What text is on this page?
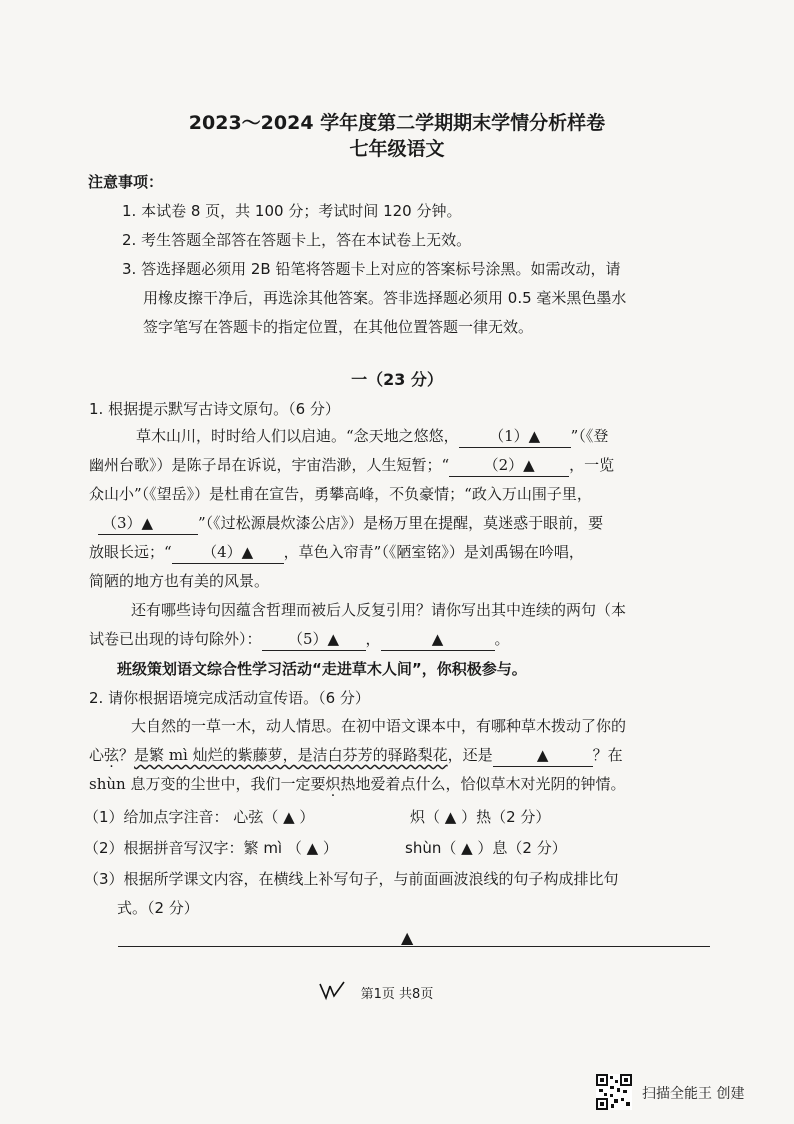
2023～2024 学年度第二学期期末学情分析样卷
七年级语文
注意事项：
1. 本试卷 8 页，共 100 分；考试时间 120 分钟。
2. 考生答题全部答在答题卡上，答在本试卷上无效。
3. 答选择题必须用 2B 铅笔将答题卡上对应的答案标号涂黑。如需改动，请
用橡皮擦干净后，再选涂其他答案。答非选择题必须用 0.5 毫米黑色墨水
签字笔写在答题卡的指定位置，在其他位置答题一律无效。
一（23 分）
1. 根据提示默写古诗文原句。（6 分）
草木山川，时时给人们以启迪。“念天地之悠悠， （1）▲ ”（《登
幽州台歌》）是陈子昂在诉说，宇宙浩渺，人生短暂；“ （2）▲ ，一览
众山小”（《望岳》）是杜甫在宣告，勇攀高峰，不负豪情；“政入万山围子里，
（3）▲	”（《过松源晨炊漆公店》）是杨万里在提醒，莫迷惑于眼前，要
放眼长远；“ （4）▲ ，草色入帘青”（《陋室铭》）是刘禹锡在吟唱，
简陋的地方也有美的风景。
还有哪些诗句因蕴含哲理而被后人反复引用？请你写出其中连续的两句（本
试卷已出现的诗句除外）： （5）▲ ，	▲	。
班级策划语文综合性学习活动“走进草木人间”，你积极参与。
2. 请你根据语境完成活动宣传语。（6 分）
大自然的一草一木，动人情思。在初中语文课本中，有哪种草木拨动了你的
心弦？是繁 mì 灿烂的紫藤萝，是洁白芬芳的驿路梨花，还是	▲	？在
shùn 息万变的尘世中，我们一定要炽热地爱着点什么，恰似草木对光阴的钟情。
（1）给加点字注音： 心弦（ ▲ ）	炽（ ▲ ）热（2 分）
（2）根据拼音写汉字：繁 mì （ ▲ ）	shùn（ ▲ ）息（2 分）
（3）根据所学课文内容，在横线上补写句子，与前面画波浪线的句子构成排比句
式。（2 分）
▲
第1页 共8页
扫描全能王 创建
